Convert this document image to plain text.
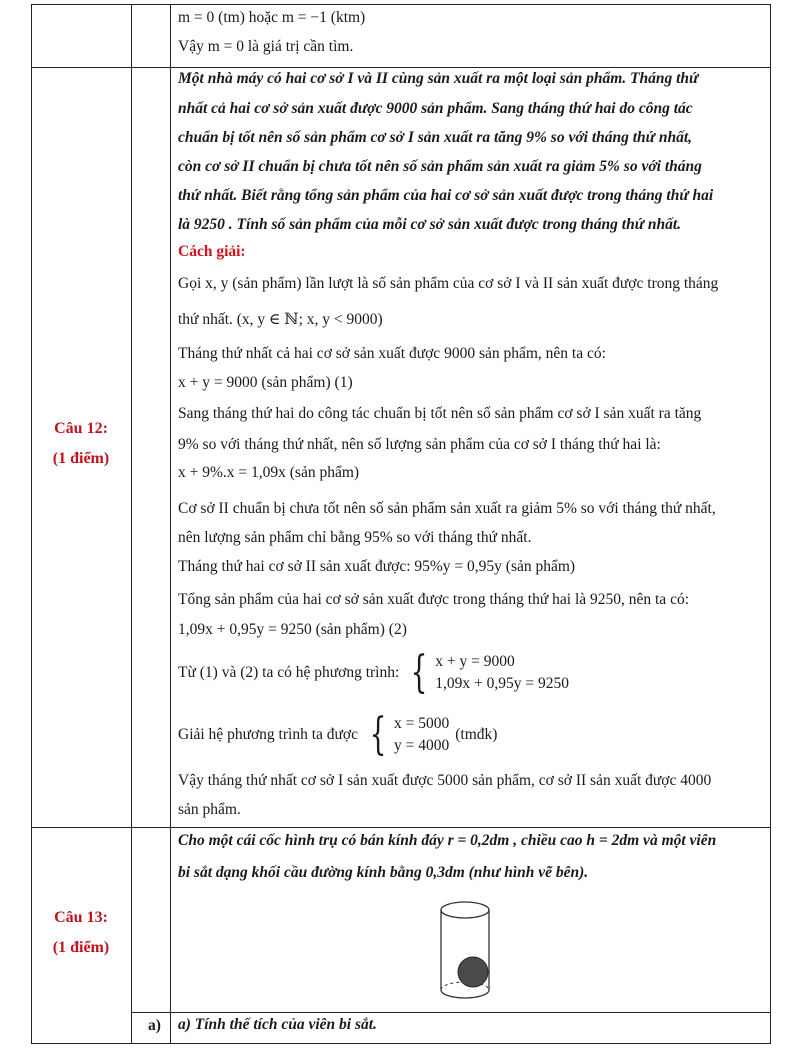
m = 0 (tm) hoặc m = −1 (ktm)
Vậy m = 0 là giá trị cần tìm.
Câu 12:
(1 điểm)
Một nhà máy có hai cơ sở I và II cùng sản xuất ra một loại sản phẩm. Tháng thứ
nhất cả hai cơ sở sản xuất được 9000 sản phẩm. Sang tháng thứ hai do công tác
chuẩn bị tốt nên số sản phẩm cơ sở I sản xuất ra tăng 9% so với tháng thứ nhất,
còn cơ sở II chuẩn bị chưa tốt nên số sản phẩm sản xuất ra giảm 5% so với tháng
thứ nhất. Biết rằng tổng sản phẩm của hai cơ sở sản xuất được trong tháng thứ hai
là 9250 . Tính số sản phẩm của mỗi cơ sở sản xuất được trong tháng thứ nhất.
Cách giải:
Gọi x, y (sản phẩm) lần lượt là số sản phẩm của cơ sở I và II sản xuất được trong tháng
thứ nhất. (x, y ∈ ℕ; x, y < 9000)
Tháng thứ nhất cả hai cơ sở sản xuất được 9000 sản phẩm, nên ta có:
x + y = 9000 (sản phẩm) (1)
Sang tháng thứ hai do công tác chuẩn bị tốt nên số sản phẩm cơ sở I sản xuất ra tăng
9% so với tháng thứ nhất, nên số lượng sản phẩm của cơ sở I tháng thứ hai là:
x + 9%.x = 1,09x (sản phẩm)
Cơ sở II chuẩn bị chưa tốt nên số sản phẩm sản xuất ra giảm 5% so với tháng thứ nhất,
nên lượng sản phẩm chỉ bằng 95% so với tháng thứ nhất.
Tháng thứ hai cơ sở II sản xuất được: 95%y = 0,95y (sản phẩm)
Tổng sản phẩm của hai cơ sở sản xuất được trong tháng thứ hai là 9250, nên ta có:
1,09x + 0,95y = 9250 (sản phẩm) (2)
Từ (1) và (2) ta có hệ phương trình: { x + y = 9000
1,09x + 0,95y = 9250
Giải hệ phương trình ta được { x = 5000
y = 4000
(tmđk)
Vậy tháng thứ nhất cơ sở I sản xuất được 5000 sản phẩm, cơ sở II sản xuất được 4000
sản phẩm.
Câu 13:
(1 điểm)
Cho một cái cốc hình trụ có bán kính đáy r = 0,2dm , chiều cao h = 2dm và một viên
bi sắt dạng khối cầu đường kính bằng 0,3dm (như hình vẽ bên).
a)	a) Tính thể tích của viên bi sắt.
